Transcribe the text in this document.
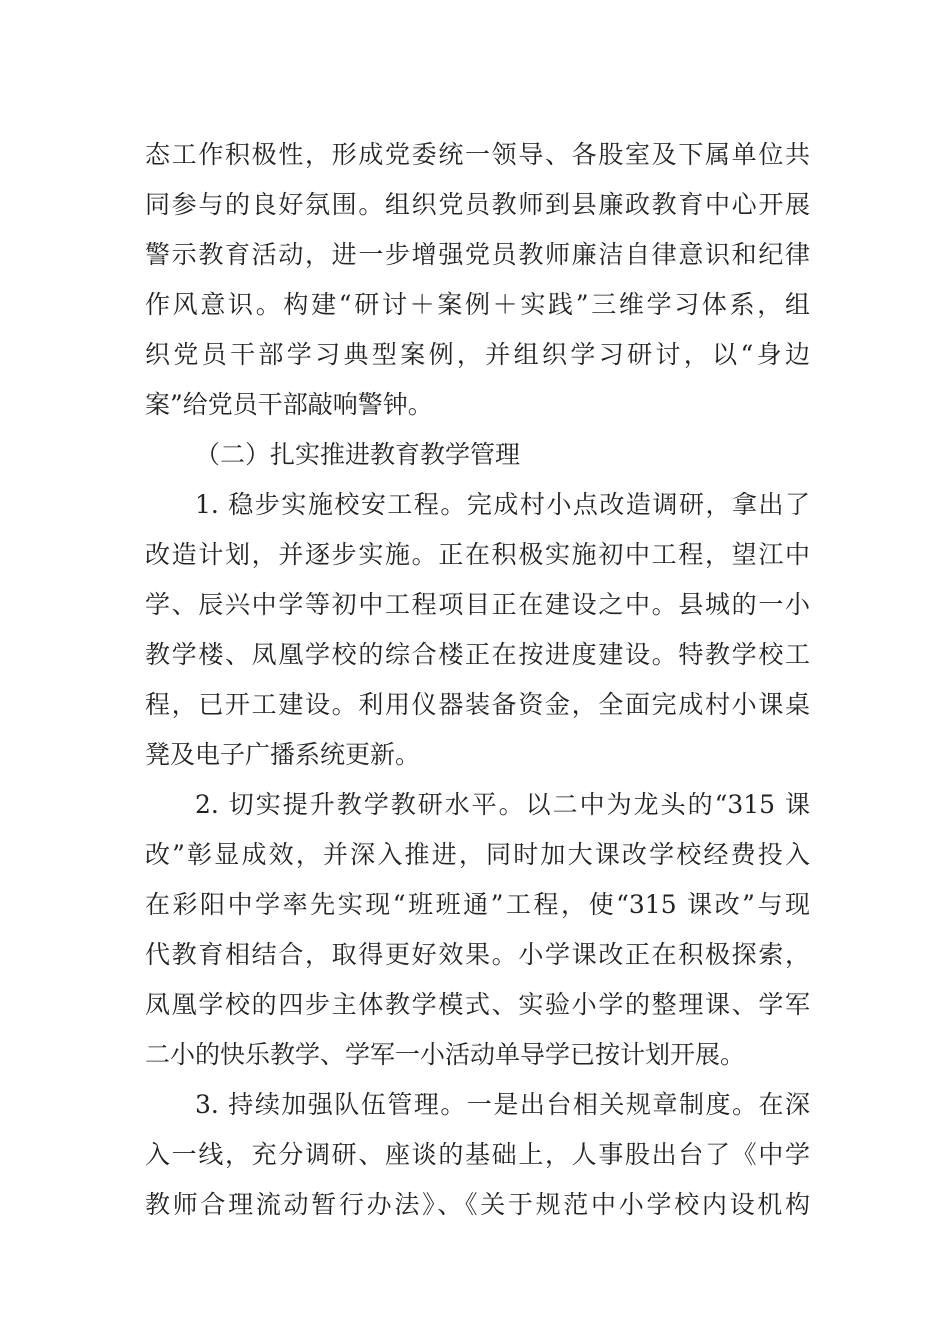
态工作积极性，形成党委统一领导、各股室及下属单位共
同参与的良好氛围。组织党员教师到县廉政教育中心开展
警示教育活动，进一步增强党员教师廉洁自律意识和纪律
作风意识。构建“研讨＋案例＋实践”三维学习体系，组
织党员干部学习典型案例，并组织学习研讨，以“身边
案”给党员干部敲响警钟。
（二）扎实推进教育教学管理
1. 稳步实施校安工程。完成村小点改造调研，拿出了
改造计划，并逐步实施。正在积极实施初中工程，望江中
学、辰兴中学等初中工程项目正在建设之中。县城的一小
教学楼、凤凰学校的综合楼正在按进度建设。特教学校工
程，已开工建设。利用仪器装备资金，全面完成村小课桌
凳及电子广播系统更新。
2. 切实提升教学教研水平。以二中为龙头的“315 课
改”彰显成效，并深入推进，同时加大课改学校经费投入
在彩阳中学率先实现“班班通”工程，使“315 课改”与现
代教育相结合，取得更好效果。小学课改正在积极探索，
凤凰学校的四步主体教学模式、实验小学的整理课、学军
二小的快乐教学、学军一小活动单导学已按计划开展。
3. 持续加强队伍管理。一是出台相关规章制度。在深
入一线，充分调研、座谈的基础上，人事股出台了《中学
教师合理流动暂行办法》、《关于规范中小学校内设机构
